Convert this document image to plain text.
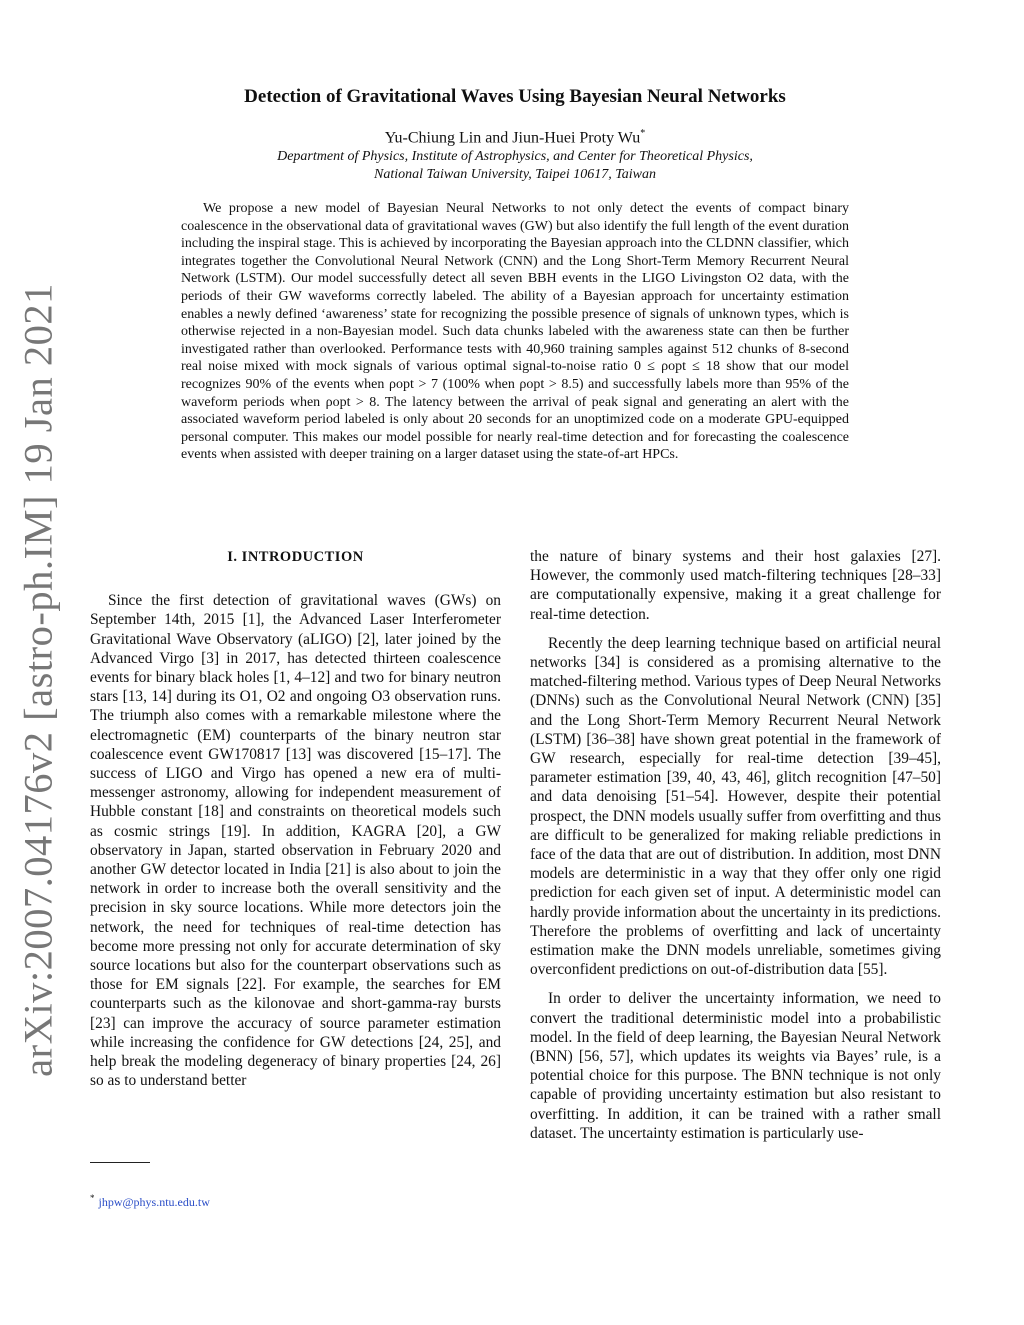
arXiv:2007.04176v2 [astro-ph.IM] 19 Jan 2021
Detection of Gravitational Waves Using Bayesian Neural Networks
Yu-Chiung Lin and Jiun-Huei Proty Wu*
Department of Physics, Institute of Astrophysics, and Center for Theoretical Physics,
National Taiwan University, Taipei 10617, Taiwan
We propose a new model of Bayesian Neural Networks to not only detect the events of compact binary coalescence in the observational data of gravitational waves (GW) but also identify the full length of the event duration including the inspiral stage. This is achieved by incorporating the Bayesian approach into the CLDNN classifier, which integrates together the Convolutional Neural Network (CNN) and the Long Short-Term Memory Recurrent Neural Network (LSTM). Our model successfully detect all seven BBH events in the LIGO Livingston O2 data, with the periods of their GW waveforms correctly labeled. The ability of a Bayesian approach for uncertainty estimation enables a newly defined ‘awareness’ state for recognizing the possible presence of signals of unknown types, which is otherwise rejected in a non-Bayesian model. Such data chunks labeled with the awareness state can then be further investigated rather than overlooked. Performance tests with 40,960 training samples against 512 chunks of 8-second real noise mixed with mock signals of various optimal signal-to-noise ratio 0 ≤ ρopt ≤ 18 show that our model recognizes 90% of the events when ρopt > 7 (100% when ρopt > 8.5) and successfully labels more than 95% of the waveform periods when ρopt > 8. The latency between the arrival of peak signal and generating an alert with the associated waveform period labeled is only about 20 seconds for an unoptimized code on a moderate GPU-equipped personal computer. This makes our model possible for nearly real-time detection and for forecasting the coalescence events when assisted with deeper training on a larger dataset using the state-of-art HPCs.
I. INTRODUCTION

Since the first detection of gravitational waves (GWs) on September 14th, 2015 [1], the Advanced Laser Interferometer Gravitational Wave Observatory (aLIGO) [2], later joined by the Advanced Virgo [3] in 2017, has detected thirteen coalescence events for binary black holes [1, 4–12] and two for binary neutron stars [13, 14] during its O1, O2 and ongoing O3 observation runs. The triumph also comes with a remarkable milestone where the electromagnetic (EM) counterparts of the binary neutron star coalescence event GW170817 [13] was discovered [15–17]. The success of LIGO and Virgo has opened a new era of multi-messenger astronomy, allowing for independent measurement of Hubble constant [18] and constraints on theoretical models such as cosmic strings [19]. In addition, KAGRA [20], a GW observatory in Japan, started observation in February 2020 and another GW detector located in India [21] is also about to join the network in order to increase both the overall sensitivity and the precision in sky source locations. While more detectors join the network, the need for techniques of real-time detection has become more pressing not only for accurate determination of sky source locations but also for the counterpart observations such as those for EM signals [22]. For example, the searches for EM counterparts such as the kilonovae and short-gamma-ray bursts [23] can improve the accuracy of source parameter estimation while increasing the confidence for GW detections [24, 25], and help break the modeling degeneracy of binary properties [24, 26] so as to understand better

the nature of binary systems and their host galaxies [27]. However, the commonly used match-filtering techniques [28–33] are computationally expensive, making it a great challenge for real-time detection.

Recently the deep learning technique based on artificial neural networks [34] is considered as a promising alternative to the matched-filtering method. Various types of Deep Neural Networks (DNNs) such as the Convolutional Neural Network (CNN) [35] and the Long Short-Term Memory Recurrent Neural Network (LSTM) [36–38] have shown great potential in the framework of GW research, especially for real-time detection [39–45], parameter estimation [39, 40, 43, 46], glitch recognition [47–50] and data denoising [51–54]. However, despite their potential prospect, the DNN models usually suffer from overfitting and thus are difficult to be generalized for making reliable predictions in face of the data that are out of distribution. In addition, most DNN models are deterministic in a way that they offer only one rigid prediction for each given set of input. A deterministic model can hardly provide information about the uncertainty in its predictions. Therefore the problems of overfitting and lack of uncertainty estimation make the DNN models unreliable, sometimes giving overconfident predictions on out-of-distribution data [55].

In order to deliver the uncertainty information, we need to convert the traditional deterministic model into a probabilistic model. In the field of deep learning, the Bayesian Neural Network (BNN) [56, 57], which updates its weights via Bayes’ rule, is a potential choice for this purpose. The BNN technique is not only capable of providing uncertainty estimation but also resistant to overfitting. In addition, it can be trained with a rather small dataset. The uncertainty estimation is particularly use-

* jhpw@phys.ntu.edu.tw
